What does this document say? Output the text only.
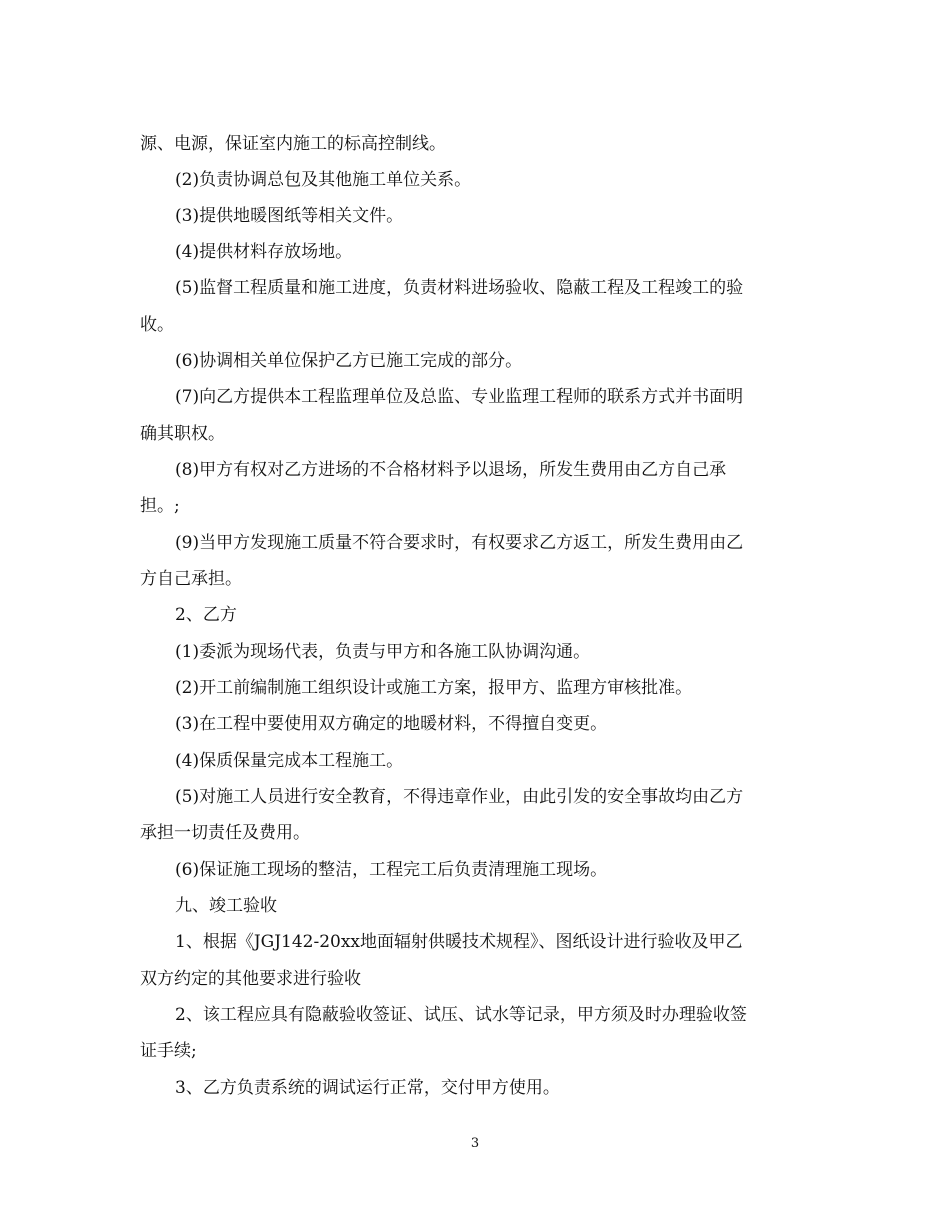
源、电源，保证室内施工的标高控制线。
(2)负责协调总包及其他施工单位关系。
(3)提供地暖图纸等相关文件。
(4)提供材料存放场地。
(5)监督工程质量和施工进度，负责材料进场验收、隐蔽工程及工程竣工的验
收。
(6)协调相关单位保护乙方已施工完成的部分。
(7)向乙方提供本工程监理单位及总监、专业监理工程师的联系方式并书面明
确其职权。
(8)甲方有权对乙方进场的不合格材料予以退场，所发生费用由乙方自己承
担。;
(9)当甲方发现施工质量不符合要求时，有权要求乙方返工，所发生费用由乙
方自己承担。
2、乙方
(1)委派为现场代表，负责与甲方和各施工队协调沟通。
(2)开工前编制施工组织设计或施工方案，报甲方、监理方审核批准。
(3)在工程中要使用双方确定的地暖材料，不得擅自变更。
(4)保质保量完成本工程施工。
(5)对施工人员进行安全教育，不得违章作业，由此引发的安全事故均由乙方
承担一切责任及费用。
(6)保证施工现场的整洁，工程完工后负责清理施工现场。
九、竣工验收
1、根据《JGJ142-20xx地面辐射供暖技术规程》、图纸设计进行验收及甲乙
双方约定的其他要求进行验收
2、该工程应具有隐蔽验收签证、试压、试水等记录，甲方须及时办理验收签
证手续;
3、乙方负责系统的调试运行正常，交付甲方使用。
3
